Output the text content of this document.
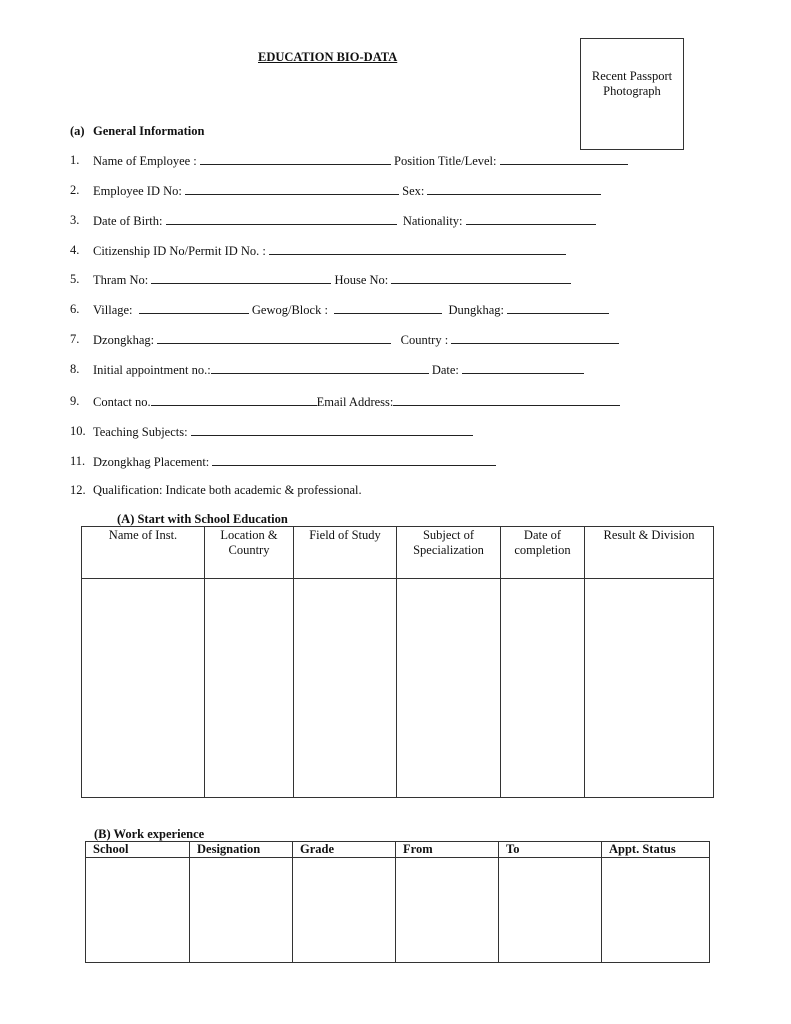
EDUCATION BIO-DATA
Recent Passport
Photograph
(a) General Information
1. Name of Employee :	Position Title/Level:
2. Employee ID No:	Sex:
3. Date of Birth:	Nationality:
4. Citizenship ID No/Permit ID No. :
5. Thram No:	House No:
6. Village:	Gewog/Block :	Dungkhag:
7. Dzongkhag:	Country :
8. Initial appointment no.:	Date:
9. Contact no.	Email Address:
10. Teaching Subjects:
11. Dzongkhag Placement:
12. Qualification: Indicate both academic & professional.
(A) Start with School Education
Name of Inst.	Location & Country	Field of Study	Subject of Specialization	Date of completion	Result & Division

(B) Work experience
School	Designation	Grade	From	To	Appt. Status
